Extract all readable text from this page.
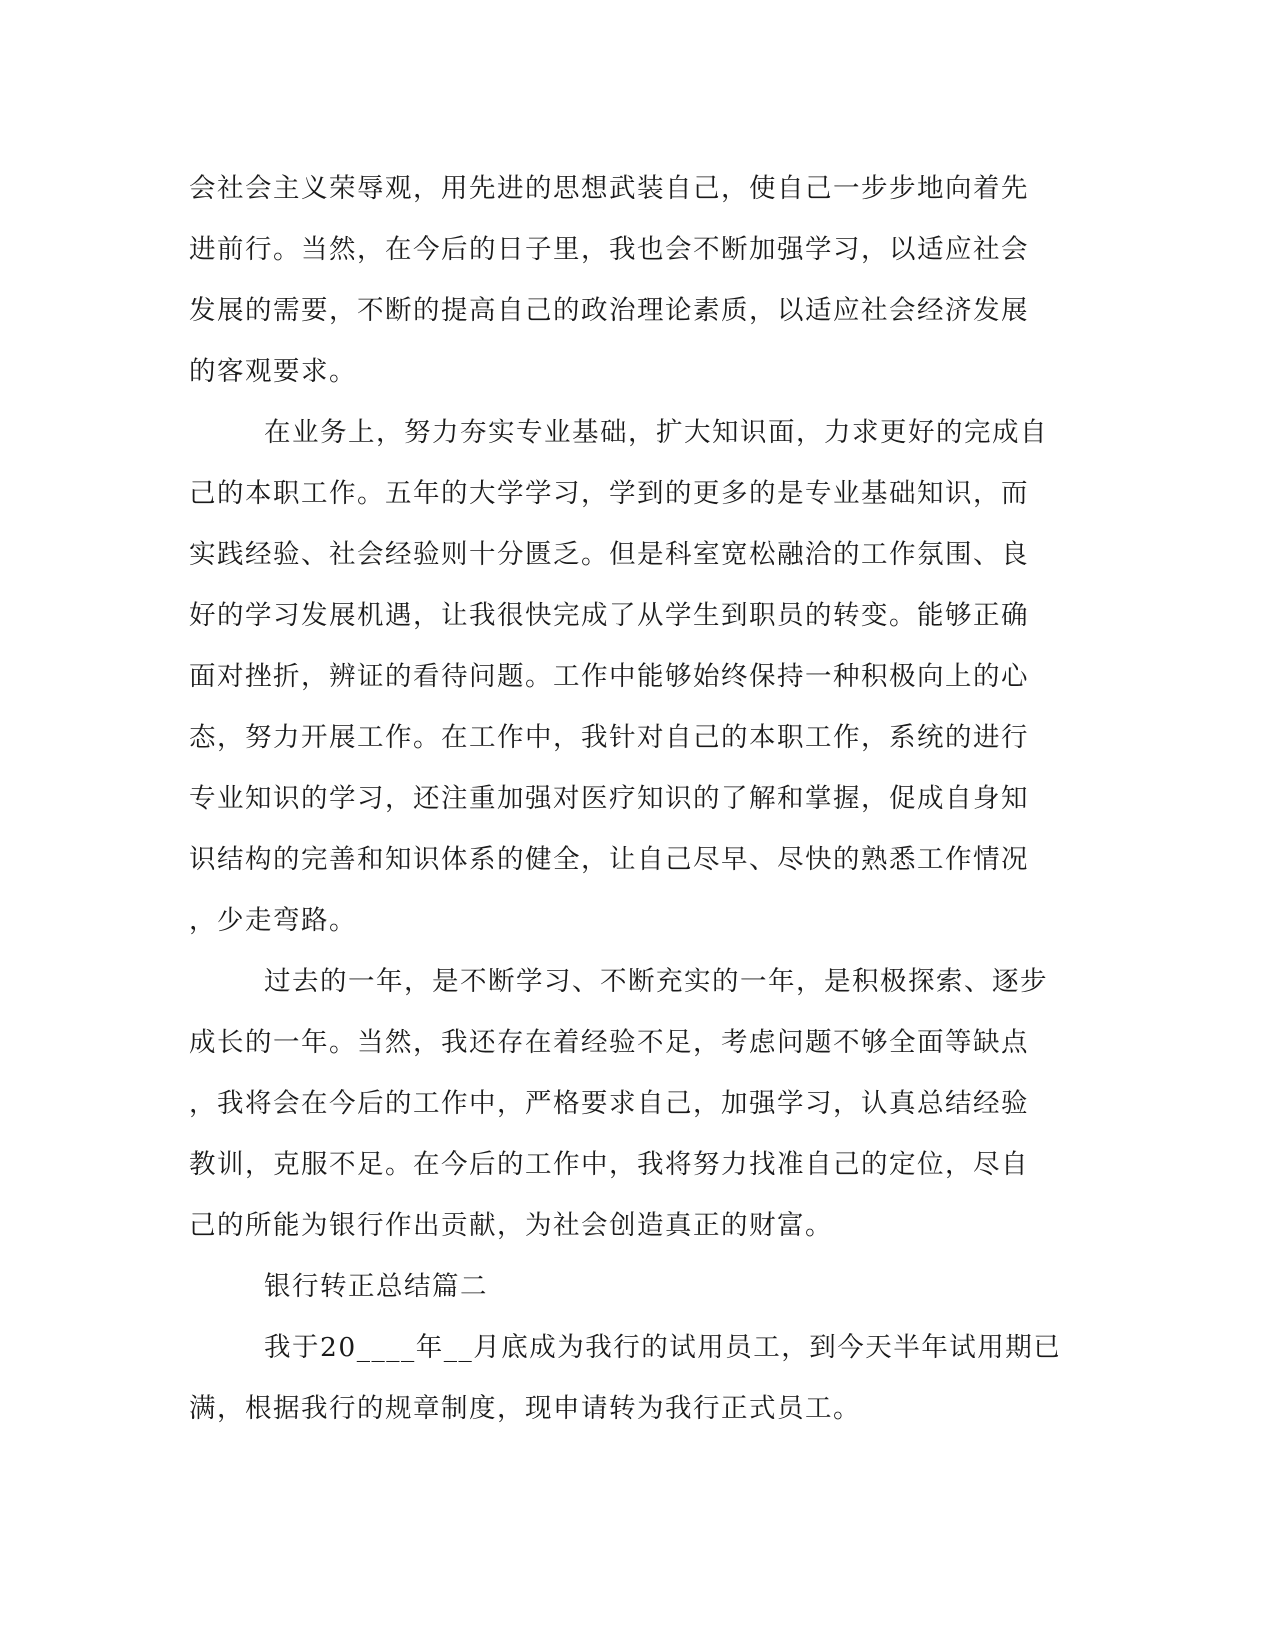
会社会主义荣辱观，用先进的思想武装自己，使自己一步步地向着先
进前行。当然，在今后的日子里，我也会不断加强学习，以适应社会
发展的需要，不断的提高自己的政治理论素质，以适应社会经济发展
的客观要求。
在业务上，努力夯实专业基础，扩大知识面，力求更好的完成自
己的本职工作。五年的大学学习，学到的更多的是专业基础知识，而
实践经验、社会经验则十分匮乏。但是科室宽松融洽的工作氛围、良
好的学习发展机遇，让我很快完成了从学生到职员的转变。能够正确
面对挫折，辨证的看待问题。工作中能够始终保持一种积极向上的心
态，努力开展工作。在工作中，我针对自己的本职工作，系统的进行
专业知识的学习，还注重加强对医疗知识的了解和掌握，促成自身知
识结构的完善和知识体系的健全，让自己尽早、尽快的熟悉工作情况
，少走弯路。
过去的一年，是不断学习、不断充实的一年，是积极探索、逐步
成长的一年。当然，我还存在着经验不足，考虑问题不够全面等缺点
，我将会在今后的工作中，严格要求自己，加强学习，认真总结经验
教训，克服不足。在今后的工作中，我将努力找准自己的定位，尽自
己的所能为银行作出贡献，为社会创造真正的财富。
银行转正总结篇二
我于20____年__月底成为我行的试用员工，到今天半年试用期已
满，根据我行的规章制度，现申请转为我行正式员工。
